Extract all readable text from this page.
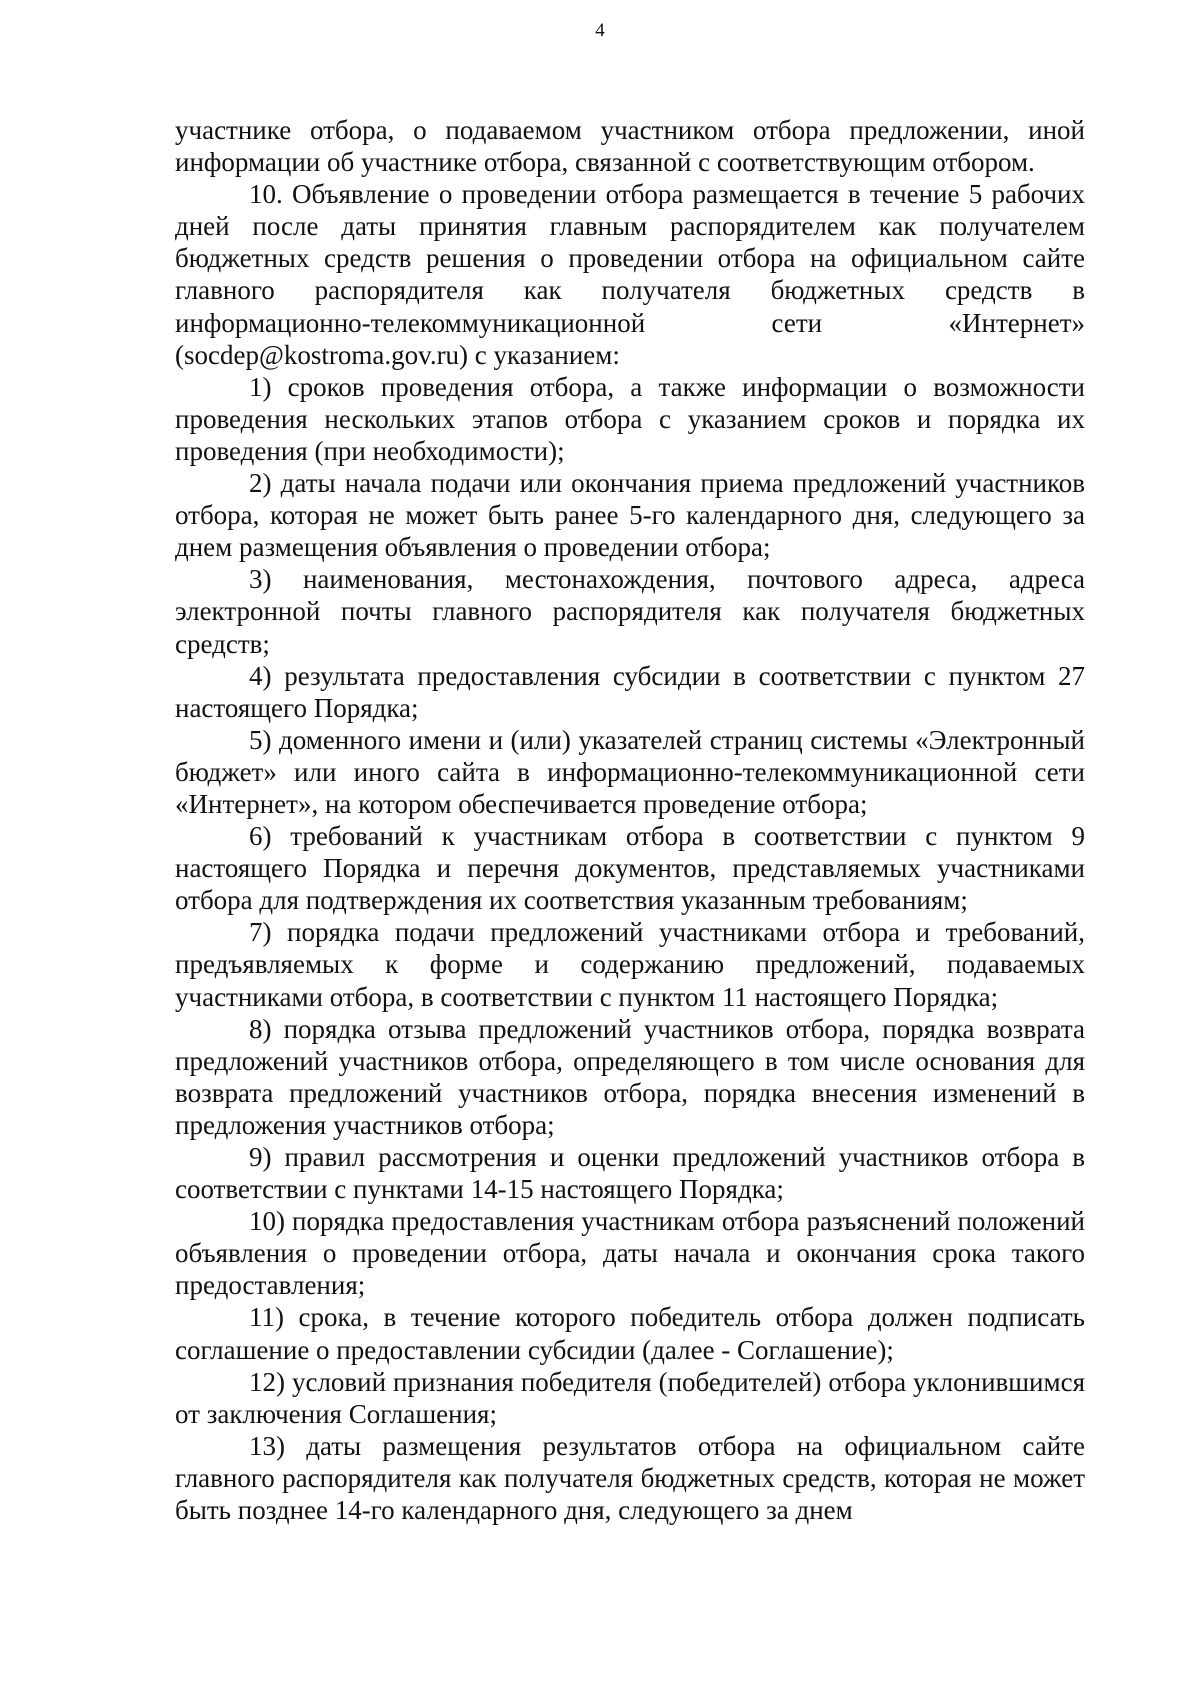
4

участнике отбора, о подаваемом участником отбора предложении, иной информации об участнике отбора, связанной с соответствующим отбором.

10. Объявление о проведении отбора размещается в течение 5 рабочих дней после даты принятия главным распорядителем как получателем бюджетных средств решения о проведении отбора на официальном сайте главного распорядителя как получателя бюджетных средств в информационно-телекоммуникационной сети «Интернет» (socdep@kostroma.gov.ru) с указанием:

1) сроков проведения отбора, а также информации о возможности проведения нескольких этапов отбора с указанием сроков и порядка их проведения (при необходимости);

2) даты начала подачи или окончания приема предложений участников отбора, которая не может быть ранее 5-го календарного дня, следующего за днем размещения объявления о проведении отбора;

3) наименования, местонахождения, почтового адреса, адреса электронной почты главного распорядителя как получателя бюджетных средств;

4) результата предоставления субсидии в соответствии с пунктом 27 настоящего Порядка;

5) доменного имени и (или) указателей страниц системы «Электронный бюджет» или иного сайта в информационно-телекоммуникационной сети «Интернет», на котором обеспечивается проведение отбора;

6) требований к участникам отбора в соответствии с пунктом 9 настоящего Порядка и перечня документов, представляемых участниками отбора для подтверждения их соответствия указанным требованиям;

7) порядка подачи предложений участниками отбора и требований, предъявляемых к форме и содержанию предложений, подаваемых участниками отбора, в соответствии с пунктом 11 настоящего Порядка;

8) порядка отзыва предложений участников отбора, порядка возврата предложений участников отбора, определяющего в том числе основания для возврата предложений участников отбора, порядка внесения изменений в предложения участников отбора;

9) правил рассмотрения и оценки предложений участников отбора в соответствии с пунктами 14-15 настоящего Порядка;

10) порядка предоставления участникам отбора разъяснений положений объявления о проведении отбора, даты начала и окончания срока такого предоставления;

11) срока, в течение которого победитель отбора должен подписать соглашение о предоставлении субсидии (далее - Соглашение);

12) условий признания победителя (победителей) отбора уклонившимся от заключения Соглашения;

13) даты размещения результатов отбора на официальном сайте главного распорядителя как получателя бюджетных средств, которая не может быть позднее 14-го календарного дня, следующего за днем
